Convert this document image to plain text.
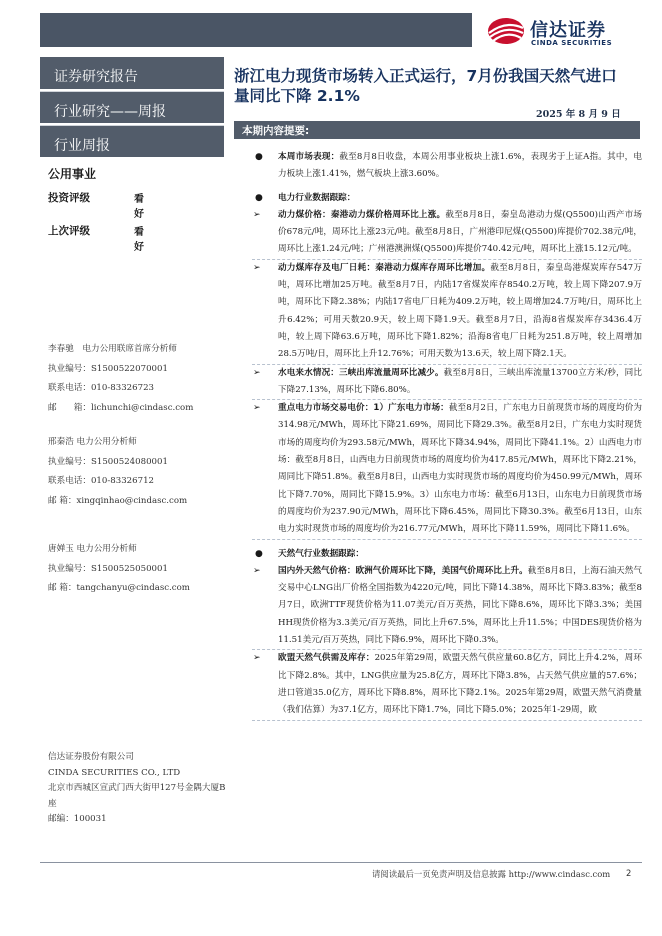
信达证券
CINDA SECURITIES
证券研究报告
行业研究——周报
行业周报
公用事业
投资评级	看好
上次评级	看好
李春驰　电力公用联席首席分析师
执业编号：S1500522070001
联系电话：010-83326723
邮　　箱：lichunchi@cindasc.com
邢秦浩 电力公用分析师
执业编号：S1500524080001
联系电话：010-83326712
邮 箱：xingqinhao@cindasc.com
唐婵玉 电力公用分析师
执业编号：S1500525050001
邮 箱：tangchanyu@cindasc.com
信达证券股份有限公司
CINDA SECURITIES CO., LTD
北京市西城区宣武门西大街甲127号金隅大厦B座
邮编：100031
浙江电力现货市场转入正式运行，7月份我国天然气进口量同比下降 2.1%
2025 年 8 月 9 日
本期内容提要:
● 本周市场表现：截至8月8日收盘，本周公用事业板块上涨1.6%，表现劣于上证A指。其中，电力板块上涨1.41%，燃气板块上涨3.60%。
● 电力行业数据跟踪：
➢ 动力煤价格：秦港动力煤价格周环比上涨。截至8月8日，秦皇岛港动力煤(Q5500)山西产市场价678元/吨，周环比上涨23元/吨。截至8月8日，广州港印尼煤(Q5500)库提价702.38元/吨，周环比上涨1.24元/吨；广州港澳洲煤(Q5500)库提价740.42元/吨，周环比上涨15.12元/吨。
➢ 动力煤库存及电厂日耗：秦港动力煤库存周环比增加。截至8月8日，秦皇岛港煤炭库存547万吨，周环比增加25万吨。截至8月7日，内陆17省煤炭库存8540.2万吨，较上周下降207.9万吨，周环比下降2.38%；内陆17省电厂日耗为409.2万吨，较上周增加24.7万吨/日，周环比上升6.42%；可用天数20.9天，较上周下降1.9天。截至8月7日，沿海8省煤炭库存3436.4万吨，较上周下降63.6万吨，周环比下降1.82%；沿海8省电厂日耗为251.8万吨，较上周增加28.5万吨/日，周环比上升12.76%；可用天数为13.6天，较上周下降2.1天。
➢ 水电来水情况：三峡出库流量周环比减少。截至8月8日，三峡出库流量13700立方米/秒，同比下降27.13%，周环比下降6.80%。
➢ 重点电力市场交易电价：1）广东电力市场：截至8月2日，广东电力日前现货市场的周度均价为314.98元/MWh，周环比下降21.69%，周同比下降29.3%。截至8月2日，广东电力实时现货市场的周度均价为293.58元/MWh，周环比下降34.94%，周同比下降41.1%。2）山西电力市场：截至8月8日，山西电力日前现货市场的周度均价为417.85元/MWh，周环比下降2.21%，周同比下降51.8%。截至8月8日，山西电力实时现货市场的周度均价为450.99元/MWh，周环比下降7.70%，周同比下降15.9%。3）山东电力市场：截至6月13日，山东电力日前现货市场的周度均价为237.90元/MWh，周环比下降6.45%，周同比下降30.3%。截至6月13日，山东电力实时现货市场的周度均价为216.77元/MWh，周环比下降11.59%，周同比下降11.6%。
● 天然气行业数据跟踪：
➢ 国内外天然气价格：欧洲气价周环比下降，美国气价周环比上升。截至8月8日，上海石油天然气交易中心LNG出厂价格全国指数为4220元/吨，同比下降14.38%，周环比下降3.83%；截至8月7日，欧洲TTF现货价格为11.07美元/百万英热，同比下降8.6%，周环比下降3.3%；美国HH现货价格为3.3美元/百万英热，同比上升67.5%，周环比上升11.5%；中国DES现货价格为11.51美元/百万英热，同比下降6.9%，周环比下降0.3%。
➢ 欧盟天然气供需及库存：2025年第29周，欧盟天然气供应量60.8亿方，同比上升4.2%，周环比下降2.8%。其中，LNG供应量为25.8亿方，周环比下降3.8%，占天然气供应量的57.6%；进口管道35.0亿方，周环比下降8.8%，周环比下降2.1%。2025年第29周，欧盟天然气消费量（我们估算）为37.1亿方，周环比下降1.7%，同比下降5.0%；2025年1-29周，欧
请阅读最后一页免责声明及信息披露 http://www.cindasc.com 2
